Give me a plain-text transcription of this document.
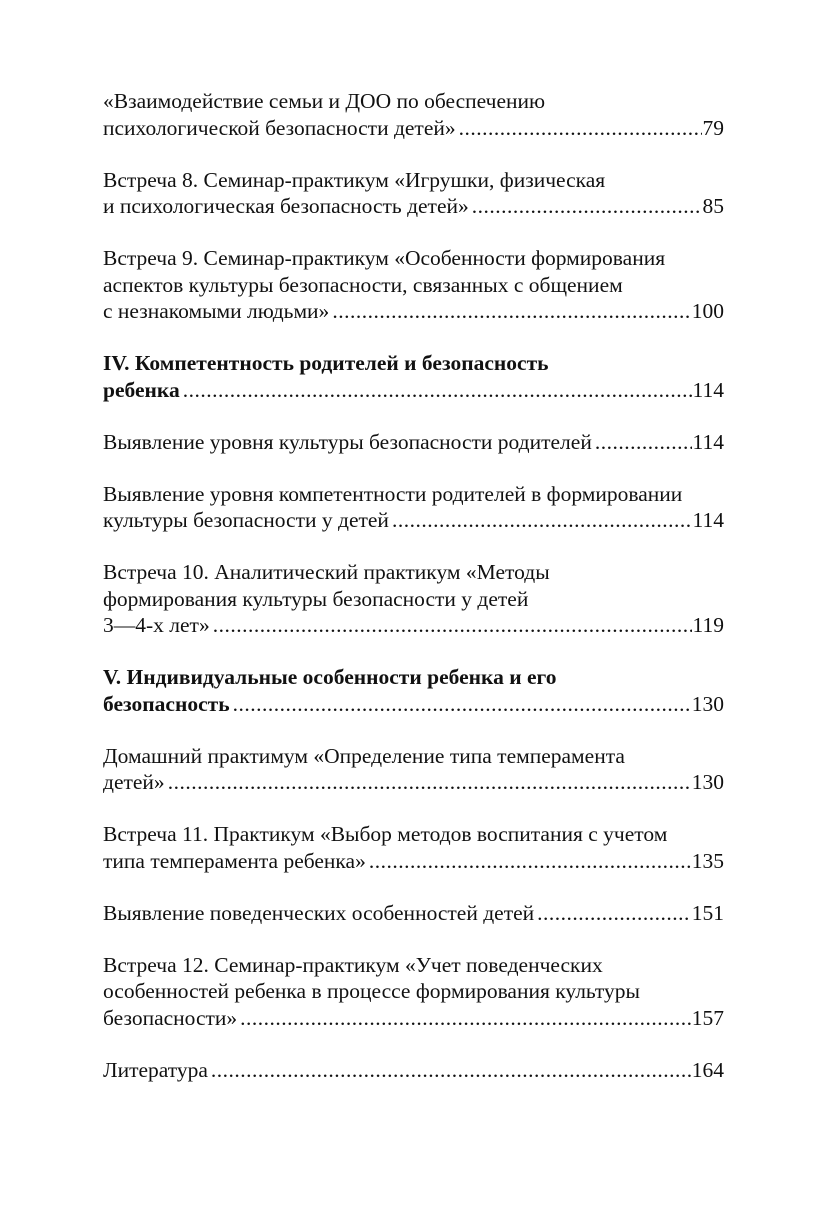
«Взаимодействие семьи и ДОО по обеспечению
психологической безопасности детей» .....	79
Встреча 8. Семинар-практикум «Игрушки, физическая
и психологическая безопасность детей» .....	85
Встреча 9. Семинар-практикум «Особенности формирования
аспектов культуры безопасности, связанных с общением
с незнакомыми людьми» .....	100
IV. Компетентность родителей и безопасность
ребенка .....	114
Выявление уровня культуры безопасности родителей .....	114
Выявление уровня компетентности родителей в формировании
культуры безопасности у детей .....	114
Встреча 10. Аналитический практикум «Методы
формирования культуры безопасности у детей
3—4-х лет» .....	119
V. Индивидуальные особенности ребенка и его
безопасность .....	130
Домашний практимум «Определение типа темперамента
детей» .....	130
Встреча 11. Практикум «Выбор методов воспитания с учетом
типа темперамента ребенка» .....	135
Выявление поведенческих особенностей детей .....	151
Встреча 12. Семинар-практикум «Учет поведенческих
особенностей ребенка в процессе формирования культуры
безопасности» .....	157
Литература .....	164
